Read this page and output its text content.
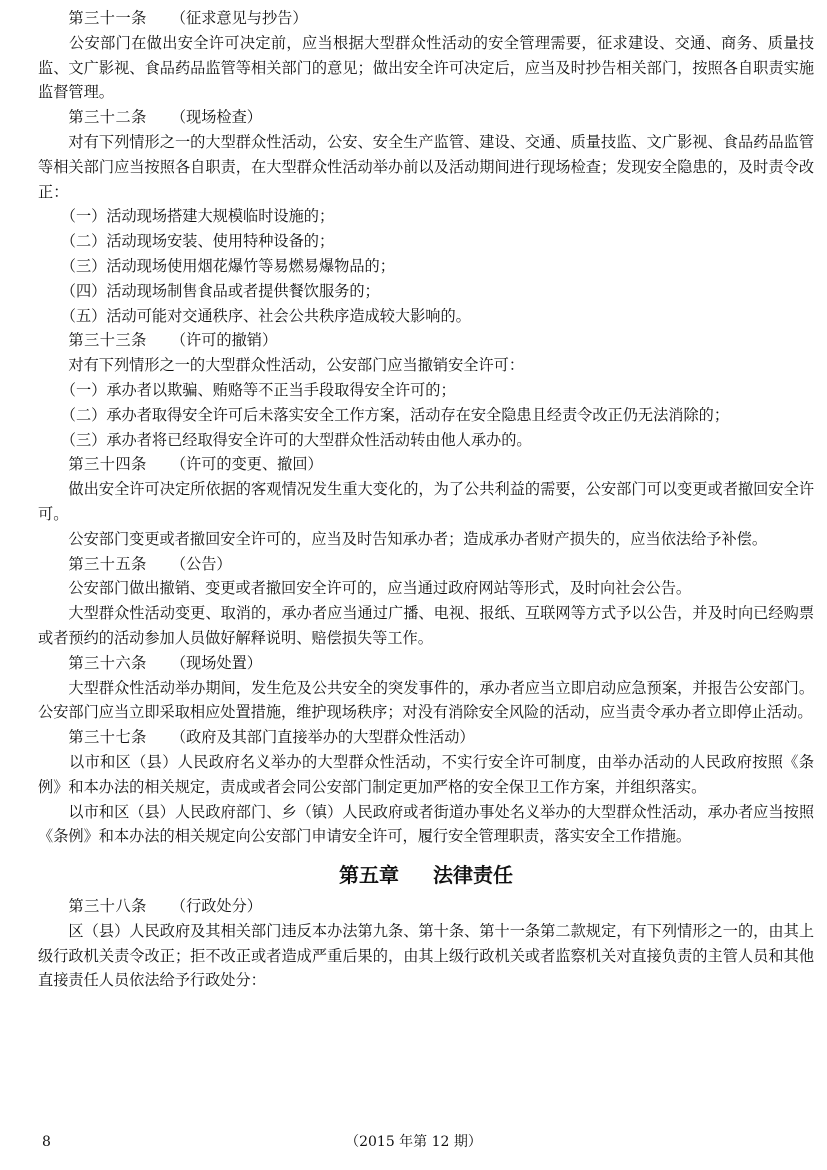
　　第三十一条 （征求意见与抄告）

　　公安部门在做出安全许可决定前，应当根据大型群众性活动的安全管理需要，征求建设、交通、商务、质量技监、文广影视、食品药品监管等相关部门的意见；做出安全许可决定后，应当及时抄告相关部门，按照各自职责实施监督管理。

　　第三十二条 （现场检查）

　　对有下列情形之一的大型群众性活动，公安、安全生产监管、建设、交通、质量技监、文广影视、食品药品监管等相关部门应当按照各自职责，在大型群众性活动举办前以及活动期间进行现场检查；发现安全隐患的，及时责令改正：

　　（一）活动现场搭建大规模临时设施的；

　　（二）活动现场安装、使用特种设备的；

　　（三）活动现场使用烟花爆竹等易燃易爆物品的；

　　（四）活动现场制售食品或者提供餐饮服务的；

　　（五）活动可能对交通秩序、社会公共秩序造成较大影响的。

　　第三十三条 （许可的撤销）

　　对有下列情形之一的大型群众性活动，公安部门应当撤销安全许可：

　　（一）承办者以欺骗、贿赂等不正当手段取得安全许可的；

　　（二）承办者取得安全许可后未落实安全工作方案，活动存在安全隐患且经责令改正仍无法消除的；

　　（三）承办者将已经取得安全许可的大型群众性活动转由他人承办的。

　　第三十四条 （许可的变更、撤回）

　　做出安全许可决定所依据的客观情况发生重大变化的，为了公共利益的需要，公安部门可以变更或者撤回安全许可。

　　公安部门变更或者撤回安全许可的，应当及时告知承办者；造成承办者财产损失的，应当依法给予补偿。

　　第三十五条 （公告）

　　公安部门做出撤销、变更或者撤回安全许可的，应当通过政府网站等形式，及时向社会公告。

　　大型群众性活动变更、取消的，承办者应当通过广播、电视、报纸、互联网等方式予以公告，并及时向已经购票或者预约的活动参加人员做好解释说明、赔偿损失等工作。

　　第三十六条 （现场处置）

　　大型群众性活动举办期间，发生危及公共安全的突发事件的，承办者应当立即启动应急预案，并报告公安部门。公安部门应当立即采取相应处置措施，维护现场秩序；对没有消除安全风险的活动，应当责令承办者立即停止活动。

　　第三十七条 （政府及其部门直接举办的大型群众性活动）

　　以市和区（县）人民政府名义举办的大型群众性活动，不实行安全许可制度，由举办活动的人民政府按照《条例》和本办法的相关规定，责成或者会同公安部门制定更加严格的安全保卫工作方案，并组织落实。

　　以市和区（县）人民政府部门、乡（镇）人民政府或者街道办事处名义举办的大型群众性活动，承办者应当按照《条例》和本办法的相关规定向公安部门申请安全许可，履行安全管理职责，落实安全工作措施。

第五章 法律责任

　　第三十八条 （行政处分）

　　区（县）人民政府及其相关部门违反本办法第九条、第十条、第十一条第二款规定，有下列情形之一的，由其上级行政机关责令改正；拒不改正或者造成严重后果的，由其上级行政机关或者监察机关对直接负责的主管人员和其他直接责任人员依法给予行政处分：

8	（2015 年第 12 期）
